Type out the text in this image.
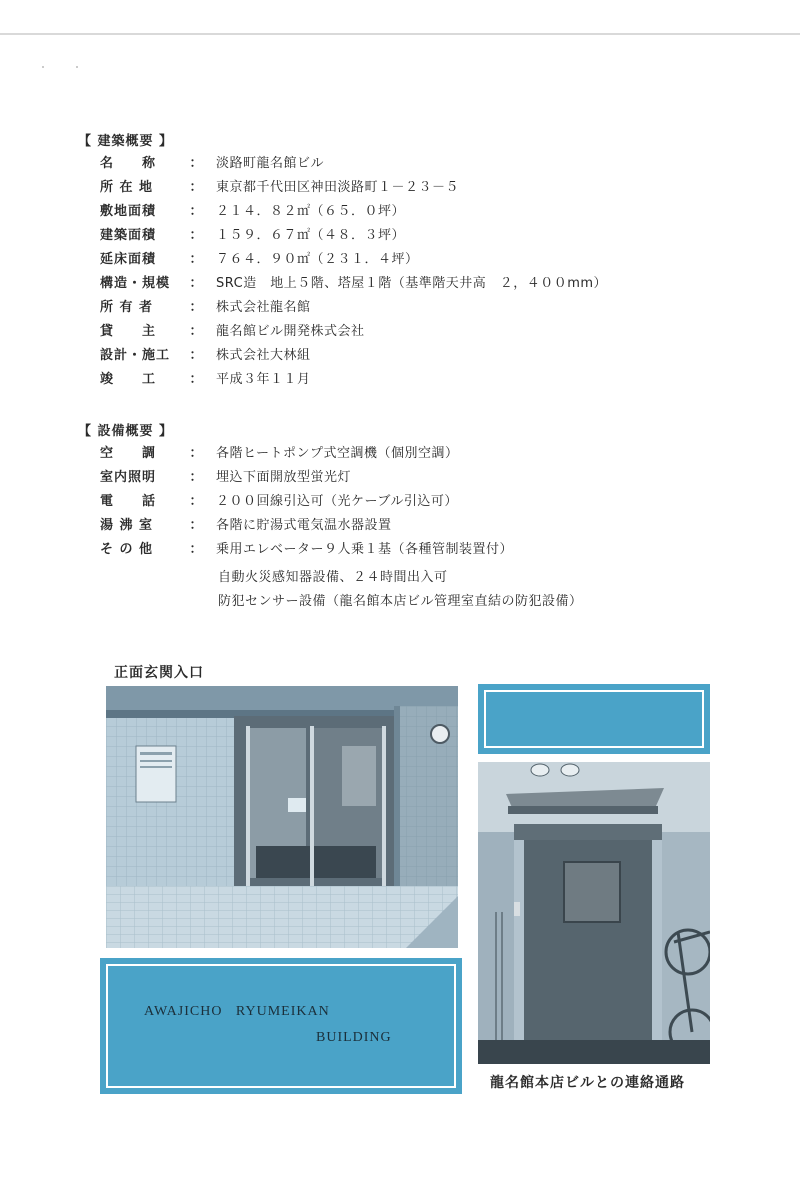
【 建築概要 】
名　　称	：	淡路町龍名館ビル
所 在 地	：	東京都千代田区神田淡路町１－２３－５
敷地面積	：	２１４．８２㎡（６５．０坪）
建築面積	：	１５９．６７㎡（４８．３坪）
延床面積	：	７６４．９０㎡（２３１．４坪）
構造・規模	：	SRC造　地上５階、塔屋１階（基準階天井高　２，４００mm）
所 有 者	：	株式会社龍名館
貸　　主	：	龍名館ビル開発株式会社
設計・施工	：	株式会社大林組
竣　　工	：	平成３年１１月
【 設備概要 】
空　　調	：	各階ヒートポンプ式空調機（個別空調）
室内照明	：	埋込下面開放型蛍光灯
電　　話	：	２００回線引込可（光ケーブル引込可）
湯 沸 室	：	各階に貯湯式電気温水器設置
そ の 他	：	乗用エレベーター９人乗１基（各種管制装置付）
自動火災感知器設備、２４時間出入可
防犯センサー設備（龍名館本店ビル管理室直結の防犯設備）
正面玄関入口
AWAJICHO   RYUMEIKAN
BUILDING
龍名館本店ビルとの連絡通路
